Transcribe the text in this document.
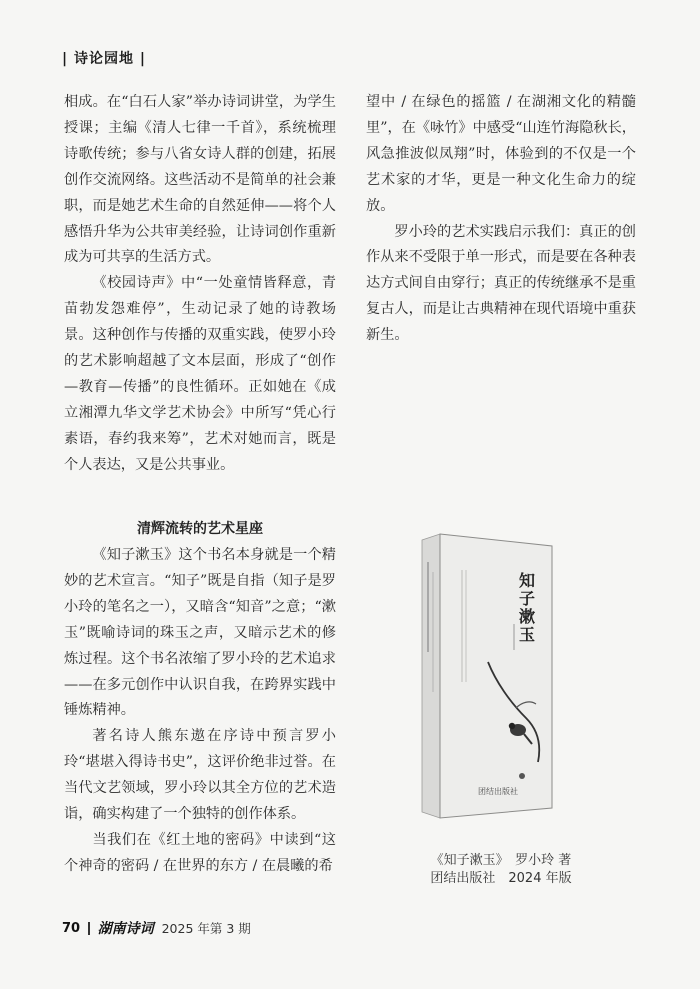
| 诗论园地 |

相成。在“白石人家”举办诗词讲堂，为学生授课；主编《清人七律一千首》，系统梳理诗歌传统；参与八省女诗人群的创建，拓展创作交流网络。这些活动不是简单的社会兼职，而是她艺术生命的自然延伸——将个人感悟升华为公共审美经验，让诗词创作重新成为可共享的生活方式。

《校园诗声》中“一处童情皆释意，青苗勃发怨难停”，生动记录了她的诗教场景。这种创作与传播的双重实践，使罗小玲的艺术影响超越了文本层面，形成了“创作—教育—传播”的良性循环。正如她在《成立湘潭九华文学艺术协会》中所写“凭心行素语，春约我来筹”，艺术对她而言，既是个人表达，又是公共事业。

清辉流转的艺术星座

《知子漱玉》这个书名本身就是一个精妙的艺术宣言。“知子”既是自指（知子是罗小玲的笔名之一），又暗含“知音”之意；“漱玉”既喻诗词的珠玉之声，又暗示艺术的修炼过程。这个书名浓缩了罗小玲的艺术追求——在多元创作中认识自我，在跨界实践中锤炼精神。

著名诗人熊东遨在序诗中预言罗小玲“堪堪入得诗书史”，这评价绝非过誉。在当代文艺领域，罗小玲以其全方位的艺术造诣，确实构建了一个独特的创作体系。

当我们在《红土地的密码》中读到“这个神奇的密码 / 在世界的东方 / 在晨曦的希

望中 / 在绿色的摇篮 / 在湖湘文化的精髓里”，在《咏竹》中感受“山连竹海隐秋长，风急推波似凤翔”时，体验到的不仅是一个艺术家的才华，更是一种文化生命力的绽放。

罗小玲的艺术实践启示我们：真正的创作从来不受限于单一形式，而是要在各种表达方式间自由穿行；真正的传统继承不是重复古人，而是让古典精神在现代语境中重获新生。

知子漱玉
团结出版社
《知子漱玉》　罗小玲 著
团结出版社　2024 年版
70 湖南诗词 2025 年第 3 期
